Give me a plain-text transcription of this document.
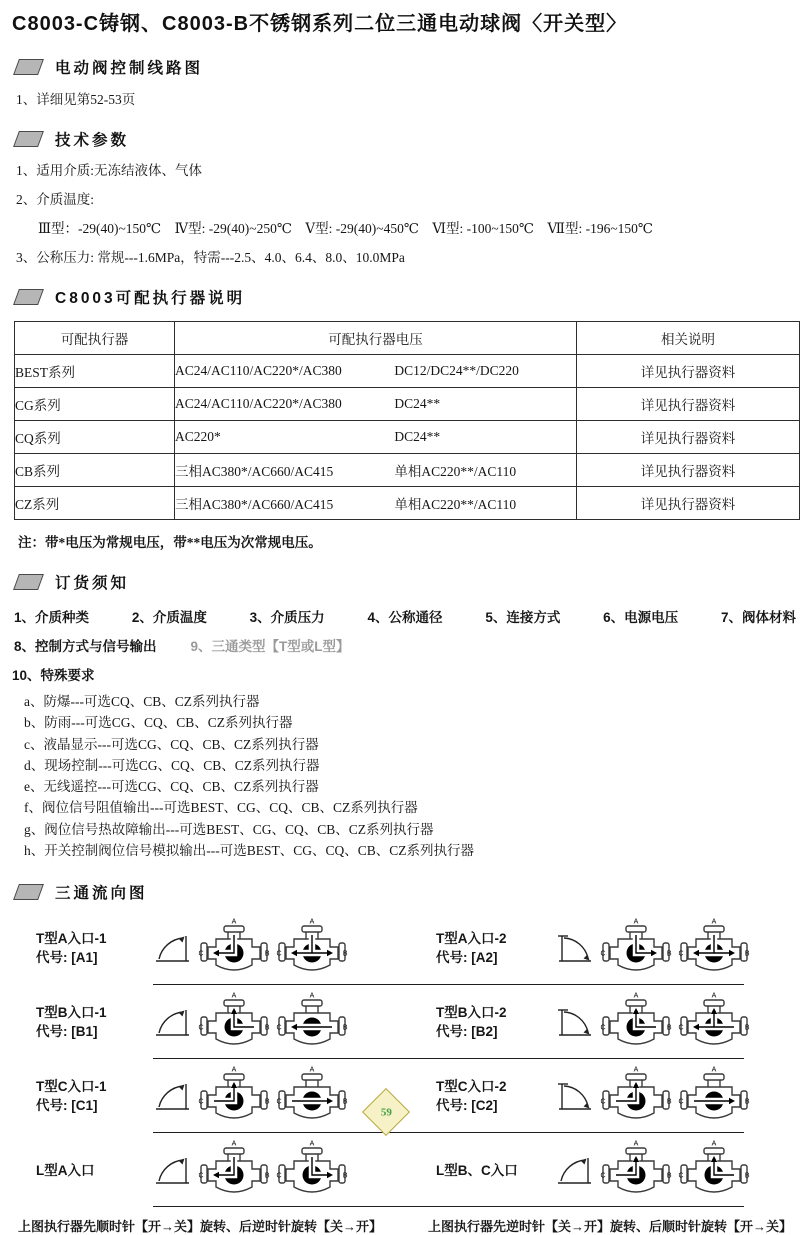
C8003-C铸钢、C8003-B不锈钢系列二位三通电动球阀〈开关型〉
电动阀控制线路图

1、详细见第52-53页

技术参数

1、适用介质:无冻结液体、气体

2、介质温度:

Ⅲ型：-29(40)~150℃　Ⅳ型: -29(40)~250℃　Ⅴ型: -29(40)~450℃　Ⅵ型: -100~150℃　Ⅶ型: -196~150℃

3、公称压力: 常规---1.6MPa，特需---2.5、4.0、6.4、8.0、10.0MPa

C8003可配执行器说明
可配执行器	可配执行器电压	相关说明
BEST系列	AC24/AC110/AC220*/AC380 DC12/DC24**/DC220	详见执行器资料
CG系列	AC24/AC110/AC220*/AC380 DC24**	详见执行器资料
CQ系列	AC220* DC24**	详见执行器资料
CB系列	三相AC380*/AC660/AC415 单相AC220**/AC110	详见执行器资料
CZ系列	三相AC380*/AC660/AC415 单相AC220**/AC110	详见执行器资料

注：带*电压为常规电压，带**电压为次常规电压。

订货须知
1、介质种类	2、介质温度	3、介质压力	4、公称通径	5、连接方式	6、电源电压	7、阀体材料
8、控制方式与信号输出	9、三通类型【T型或L型】
10、特殊要求
a、防爆---可选CQ、CB、CZ系列执行器
b、防雨---可选CG、CQ、CB、CZ系列执行器
c、液晶显示---可选CG、CQ、CB、CZ系列执行器
d、现场控制---可选CG、CQ、CB、CZ系列执行器
e、无线遥控---可选CG、CQ、CB、CZ系列执行器
f、阀位信号阻值输出---可选BEST、CG、CQ、CB、CZ系列执行器
g、阀位信号热故障输出---可选BEST、CG、CQ、CB、CZ系列执行器
h、开关控制阀位信号模拟输出---可选BEST、CG、CQ、CB、CZ系列执行器
三通流向图
T型A入口-1
代号: [A1]
A
C	B
A
C	B
T型A入口-2
代号: [A2]
A
C	B
A
C	B
T型B入口-1
代号: [B1]
A
C	B
A
C	B
T型B入口-2
代号: [B2]
A
C	B
A
C	B
T型C入口-1
代号: [C1]
A
C	B
A
C	B
T型C入口-2
代号: [C2]
A
C	B
A
C	B
L型A入口
A
C	B
A
C	B	L型B、C入口
A
C	B
A
C	B
上图执行器先顺时针【开→关】旋转、后逆时针旋转【关→开】	上图执行器先逆时针【关→开】旋转、后顺时针旋转【开→关】
59
